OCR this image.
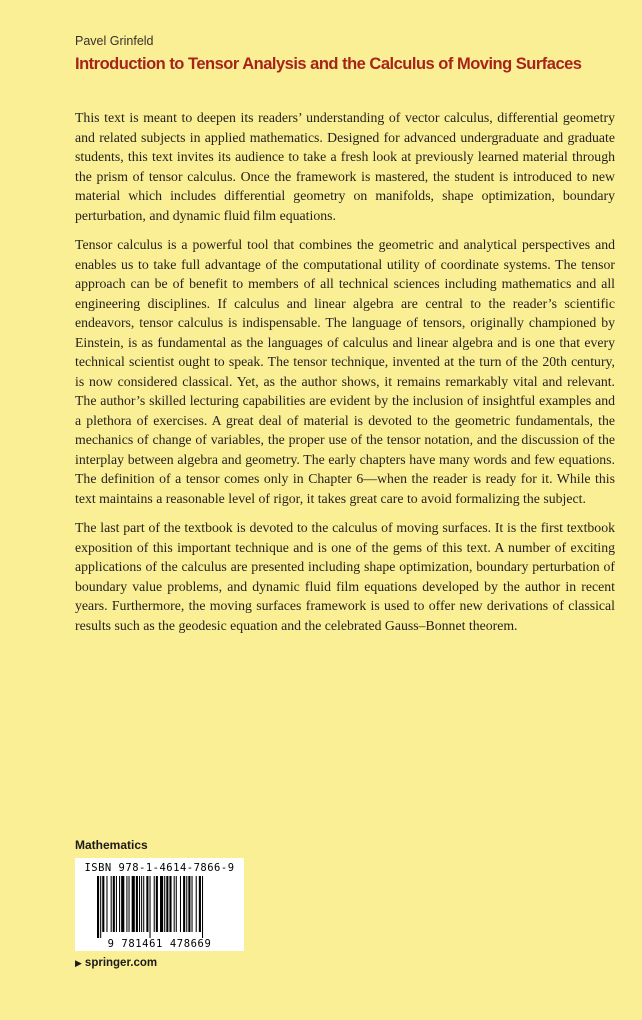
Pavel Grinfeld
Introduction to Tensor Analysis and the Calculus of Moving Surfaces

This text is meant to deepen its readers’ understanding of vector calculus, differential geometry and related subjects in applied mathematics. Designed for advanced undergraduate and graduate students, this text invites its audience to take a fresh look at previously learned material through the prism of tensor calculus. Once the framework is mastered, the student is introduced to new material which includes differential geometry on manifolds, shape optimization, boundary perturbation, and dynamic fluid film equations.

Tensor calculus is a powerful tool that combines the geometric and analytical perspectives and enables us to take full advantage of the computational utility of coordinate systems. The tensor approach can be of benefit to members of all technical sciences including mathematics and all engineering disciplines. If calculus and linear algebra are central to the reader’s scientific endeavors, tensor calculus is indispensable. The language of tensors, originally championed by Einstein, is as fundamental as the languages of calculus and linear algebra and is one that every technical scientist ought to speak. The tensor technique, invented at the turn of the 20th century, is now considered classical. Yet, as the author shows, it remains remarkably vital and relevant. The author’s skilled lecturing capabilities are evident by the inclusion of insightful examples and a plethora of exercises. A great deal of material is devoted to the geometric fundamentals, the mechanics of change of variables, the proper use of the tensor notation, and the discussion of the interplay between algebra and geometry. The early chapters have many words and few equations. The definition of a tensor comes only in Chapter 6—when the reader is ready for it. While this text maintains a reasonable level of rigor, it takes great care to avoid formalizing the subject.

The last part of the textbook is devoted to the calculus of moving surfaces. It is the first textbook exposition of this important technique and is one of the gems of this text. A number of exciting applications of the calculus are presented including shape optimization, boundary perturbation of boundary value problems, and dynamic fluid film equations developed by the author in recent years. Furthermore, the moving surfaces framework is used to offer new derivations of classical results such as the geodesic equation and the celebrated Gauss–Bonnet theorem.

Mathematics
ISBN 978-1-4614-7866-9
9 781461 478669
▶ springer.com
